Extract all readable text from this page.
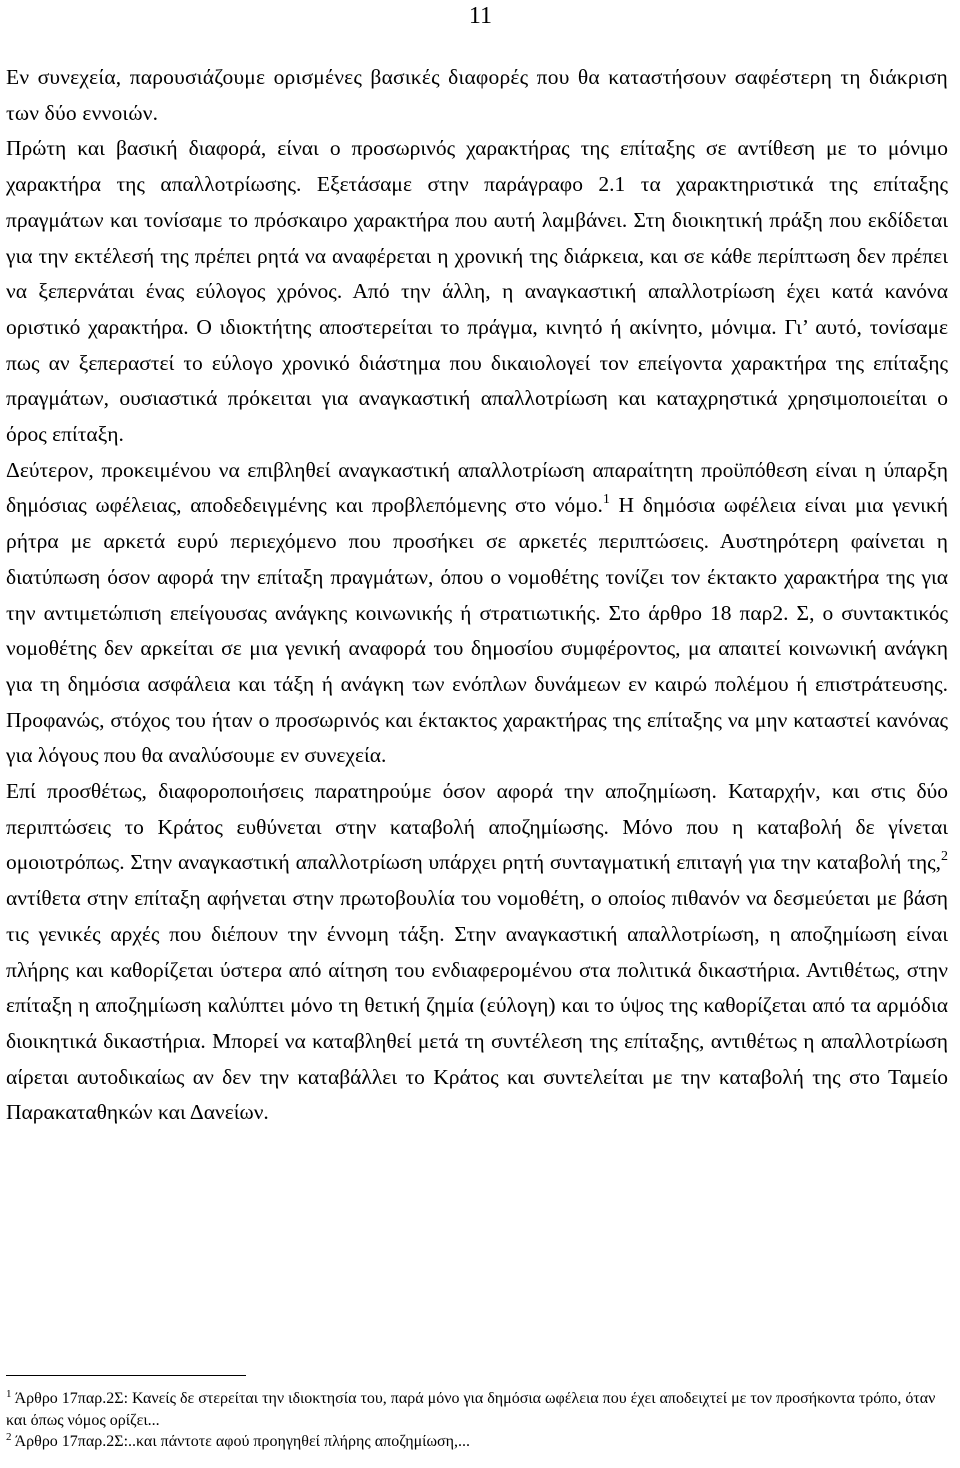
11

Εν συνεχεία, παρουσιάζουμε ορισμένες βασικές διαφορές που θα καταστήσουν σαφέστερη τη διάκριση των δύο εννοιών.

Πρώτη και βασική διαφορά, είναι ο προσωρινός χαρακτήρας της επίταξης σε αντίθεση με το μόνιμο χαρακτήρα της απαλλοτρίωσης. Εξετάσαμε στην παράγραφο 2.1 τα χαρακτηριστικά της επίταξης πραγμάτων και τονίσαμε το πρόσκαιρο χαρακτήρα που αυτή λαμβάνει. Στη διοικητική πράξη που εκδίδεται για την εκτέλεσή της πρέπει ρητά να αναφέρεται η χρονική της διάρκεια, και σε κάθε περίπτωση δεν πρέπει να ξεπερνάται ένας εύλογος χρόνος. Από την άλλη, η αναγκαστική απαλλοτρίωση έχει κατά κανόνα οριστικό χαρακτήρα. Ο ιδιοκτήτης αποστερείται το πράγμα, κινητό ή ακίνητο, μόνιμα. Γι’ αυτό, τονίσαμε πως αν ξεπεραστεί το εύλογο χρονικό διάστημα που δικαιολογεί τον επείγοντα χαρακτήρα της επίταξης πραγμάτων, ουσιαστικά πρόκειται για αναγκαστική απαλλοτρίωση και καταχρηστικά χρησιμοποιείται ο όρος επίταξη.

Δεύτερον, προκειμένου να επιβληθεί αναγκαστική απαλλοτρίωση απαραίτητη προϋπόθεση είναι η ύπαρξη δημόσιας ωφέλειας, αποδεδειγμένης και προβλεπόμενης στο νόμο.$^1$ Η δημόσια ωφέλεια είναι μια γενική ρήτρα με αρκετά ευρύ περιεχόμενο που προσήκει σε αρκετές περιπτώσεις. Αυστηρότερη φαίνεται η διατύπωση όσον αφορά την επίταξη πραγμάτων, όπου ο νομοθέτης τονίζει τον έκτακτο χαρακτήρα της για την αντιμετώπιση επείγουσας ανάγκης κοινωνικής ή στρατιωτικής. Στο άρθρο 18 παρ2. Σ, ο συντακτικός νομοθέτης δεν αρκείται σε μια γενική αναφορά του δημοσίου συμφέροντος, μα απαιτεί κοινωνική ανάγκη για τη δημόσια ασφάλεια και τάξη ή ανάγκη των ενόπλων δυνάμεων εν καιρώ πολέμου ή επιστράτευσης. Προφανώς, στόχος του ήταν ο προσωρινός και έκτακτος χαρακτήρας της επίταξης να μην καταστεί κανόνας για λόγους που θα αναλύσουμε εν συνεχεία.

Επί προσθέτως, διαφοροποιήσεις παρατηρούμε όσον αφορά την αποζημίωση. Καταρχήν, και στις δύο περιπτώσεις το Κράτος ευθύνεται στην καταβολή αποζημίωσης. Μόνο που η καταβολή δε γίνεται ομοιοτρόπως. Στην αναγκαστική απαλλοτρίωση υπάρχει ρητή συνταγματική επιταγή για την καταβολή της,$^2$ αντίθετα στην επίταξη αφήνεται στην πρωτοβουλία του νομοθέτη, ο οποίος πιθανόν να δεσμεύεται με βάση τις γενικές αρχές που διέπουν την έννομη τάξη. Στην αναγκαστική απαλλοτρίωση, η αποζημίωση είναι πλήρης και καθορίζεται ύστερα από αίτηση του ενδιαφερομένου στα πολιτικά δικαστήρια. Αντιθέτως, στην επίταξη η αποζημίωση καλύπτει μόνο τη θετική ζημία (εύλογη) και το ύψος της καθορίζεται από τα αρμόδια διοικητικά δικαστήρια. Μπορεί να καταβληθεί μετά τη συντέλεση της επίταξης, αντιθέτως η απαλλοτρίωση αίρεται αυτοδικαίως αν δεν την καταβάλλει το Κράτος και συντελείται με την καταβολή της στο Ταμείο Παρακαταθηκών και Δανείων.

$^1$ Άρθρο 17παρ.2Σ: Κανείς δε στερείται την ιδιοκτησία του, παρά μόνο για δημόσια ωφέλεια που έχει αποδειχτεί με τον προσήκοντα τρόπο, όταν και όπως νόμος ορίζει...

$^2$ Άρθρο 17παρ.2Σ:..και πάντοτε αφού προηγηθεί πλήρης αποζημίωση,...
